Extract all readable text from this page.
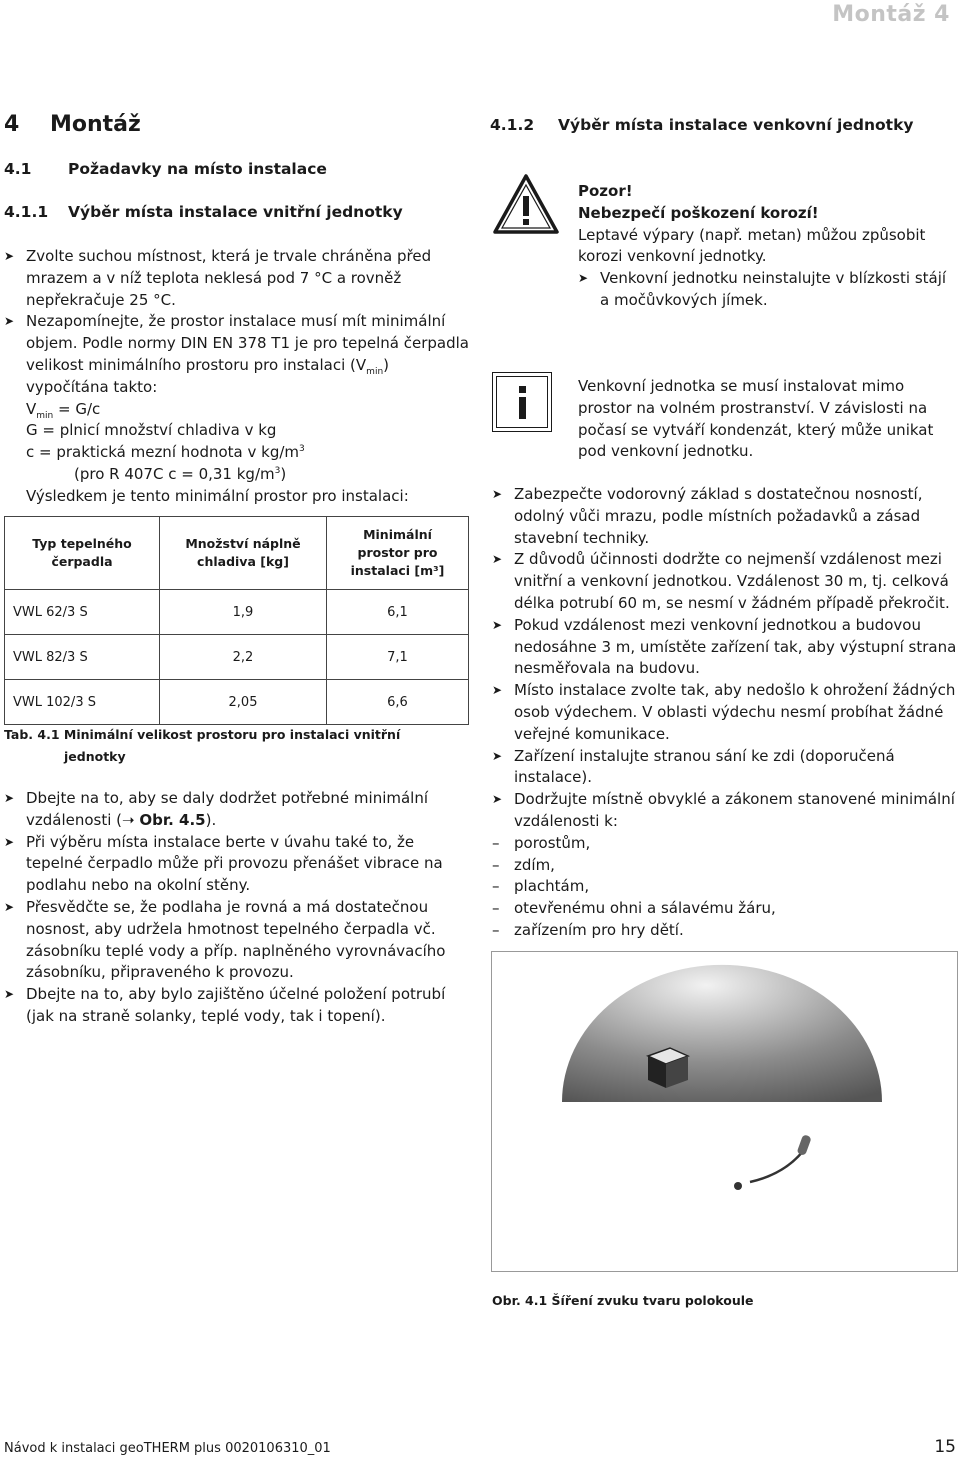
Montáž 4
4 Montáž
4.1 Požadavky na místo instalace
4.1.1 Výběr místa instalace vnitřní jednotky
➤ Zvolte suchou místnost, která je trvale chráněna před mrazem a v níž teplota neklesá pod 7 °C a rovněž nepřekračuje 25 °C.
➤ Nezapomínejte, že prostor instalace musí mít minimální objem. Podle normy DIN EN 378 T1 je pro tepelná čerpadla velikost minimálního prostoru pro instalaci $(V_{min})$ vypočítána takto:
$V_{min} = G/c$
G = plnicí množství chladiva v kg
c = praktická mezní hodnota v $kg/m^3$
(pro R 407C c = 0,31 $kg/m^3$)
Výsledkem je tento minimální prostor pro instalaci:
Typ tepelného čerpadla	Množství náplně chladiva [kg]	Minimální prostor pro instalaci [m³]
VWL 62/3 S	1,9	6,1
VWL 82/3 S	2,2	7,1
VWL 102/3 S	2,05	6,6
Tab. 4.1 Minimální velikost prostoru pro instalaci vnitřní
jednotky
➤ Dbejte na to, aby se daly dodržet potřebné minimální vzdálenosti (➝ Obr. 4.5).
➤ Při výběru místa instalace berte v úvahu také to, že tepelné čerpadlo může při provozu přenášet vibrace na podlahu nebo na okolní stěny.
➤ Přesvědčte se, že podlaha je rovná a má dostatečnou nosnost, aby udržela hmotnost tepelného čerpadla vč. zásobníku teplé vody a příp. naplněného vyrovnávacího zásobníku, připraveného k provozu.
➤ Dbejte na to, aby bylo zajištěno účelné položení potrubí (jak na straně solanky, teplé vody, tak i topení).
4.1.2 Výběr místa instalace venkovní jednotky
Pozor!
Nebezpečí poškození korozí!
Leptavé výpary (např. metan) můžou způsobit korozi venkovní jednotky.
➤ Venkovní jednotku neinstalujte v blízkosti stájí a močůvkových jímek.
Venkovní jednotka se musí instalovat mimo prostor na volném prostranství. V závislosti na počasí se vytváří kondenzát, který může unikat pod venkovní jednotku.
➤ Zabezpečte vodorovný základ s dostatečnou nosností, odolný vůči mrazu, podle místních požadavků a zásad stavební techniky.
➤ Z důvodů účinnosti dodržte co nejmenší vzdálenost mezi vnitřní a venkovní jednotkou. Vzdálenost 30 m, tj. celková délka potrubí 60 m, se nesmí v žádném případě překročit.
➤ Pokud vzdálenost mezi venkovní jednotkou a budovou nedosáhne 3 m, umístěte zařízení tak, aby výstupní strana nesměřovala na budovu.
➤ Místo instalace zvolte tak, aby nedošlo k ohrožení žádných osob výdechem. V oblasti výdechu nesmí probíhat žádné veřejné komunikace.
➤ Zařízení instalujte stranou sání ke zdi (doporučená instalace).
➤ Dodržujte místně obvyklé a zákonem stanovené minimální vzdálenosti k:
– porostům,
– zdím,
– plachtám,
– otevřenému ohni a sálavému žáru,
– zařízením pro hry dětí.
Obr. 4.1 Šíření zvuku tvaru polokoule
Návod k instalaci geoTHERM plus 0020106310_01	15
